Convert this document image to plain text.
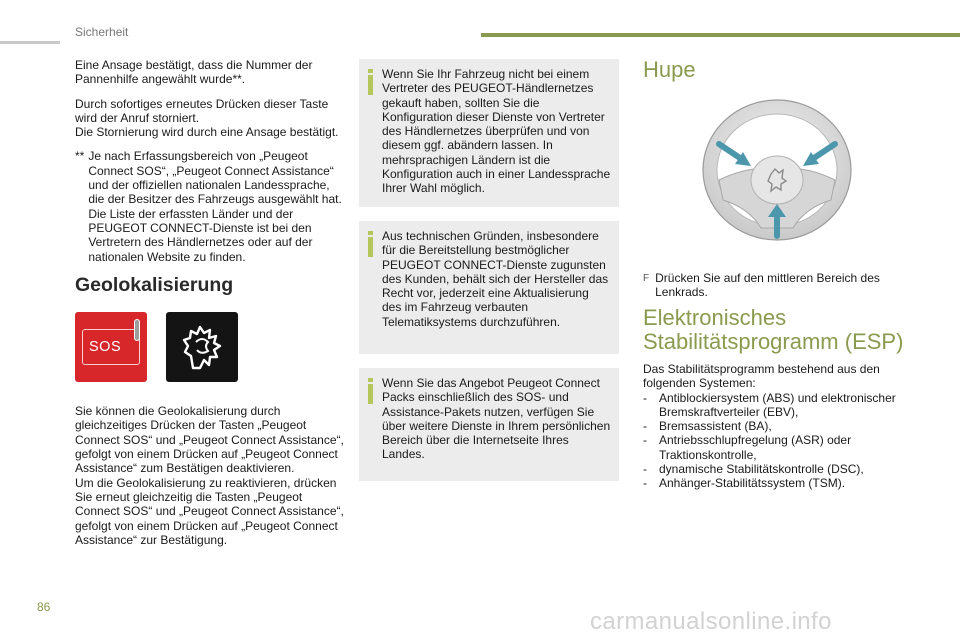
Sicherheit

Eine Ansage bestätigt, dass die Nummer der Pannenhilfe angewählt wurde**.

Durch sofortiges erneutes Drücken dieser Taste wird der Anruf storniert.

Die Stornierung wird durch eine Ansage bestätigt.

** Je nach Erfassungsbereich von „Peugeot Connect SOS“, „Peugeot Connect Assistance“ und der offiziellen nationalen Landessprache, die der Besitzer des Fahrzeugs ausgewählt hat.

Die Liste der erfassten Länder und der PEUGEOT CONNECT-Dienste ist bei den Vertretern des Händlernetzes oder auf der nationalen Website zu finden.

Geolokalisierung
SOS

Sie können die Geolokalisierung durch gleichzeitiges Drücken der Tasten „Peugeot Connect SOS“ und „Peugeot Connect Assistance“, gefolgt von einem Drücken auf „Peugeot Connect Assistance“ zum Bestätigen deaktivieren.

Um die Geolokalisierung zu reaktivieren, drücken Sie erneut gleichzeitig die Tasten „Peugeot Connect SOS“ und „Peugeot Connect Assistance“, gefolgt von einem Drücken auf „Peugeot Connect Assistance“ zur Bestätigung.

Wenn Sie Ihr Fahrzeug nicht bei einem Vertreter des PEUGEOT-Händlernetzes gekauft haben, sollten Sie die Konfiguration dieser Dienste von Vertreter des Händlernetzes überprüfen und von diesem ggf. abändern lassen. In mehrsprachigen Ländern ist die Konfiguration auch in einer Landessprache Ihrer Wahl möglich.

Aus technischen Gründen, insbesondere für die Bereitstellung bestmöglicher PEUGEOT CONNECT-Dienste zugunsten des Kunden, behält sich der Hersteller das Recht vor, jederzeit eine Aktualisierung des im Fahrzeug verbauten Telematiksystems durchzuführen.

Wenn Sie das Angebot Peugeot Connect Packs einschließlich des SOS- und Assistance-Pakets nutzen, verfügen Sie über weitere Dienste in Ihrem persönlichen Bereich über die Internetseite Ihres Landes.

Hupe
F Drücken Sie auf den mittleren Bereich des Lenkrads.
Elektronisches
Stabilitätsprogramm (ESP)

Das Stabilitätsprogramm bestehend aus den folgenden Systemen:

-	Antiblockiersystem (ABS) und elektronischer Bremskraftverteiler (EBV),
-	Bremsassistent (BA),
-	Antriebsschlupfregelung (ASR) oder Traktionskontrolle,
-	dynamische Stabilitätskontrolle (DSC),
-	Anhänger-Stabilitätssystem (TSM).
86
carmanualsonline.info
